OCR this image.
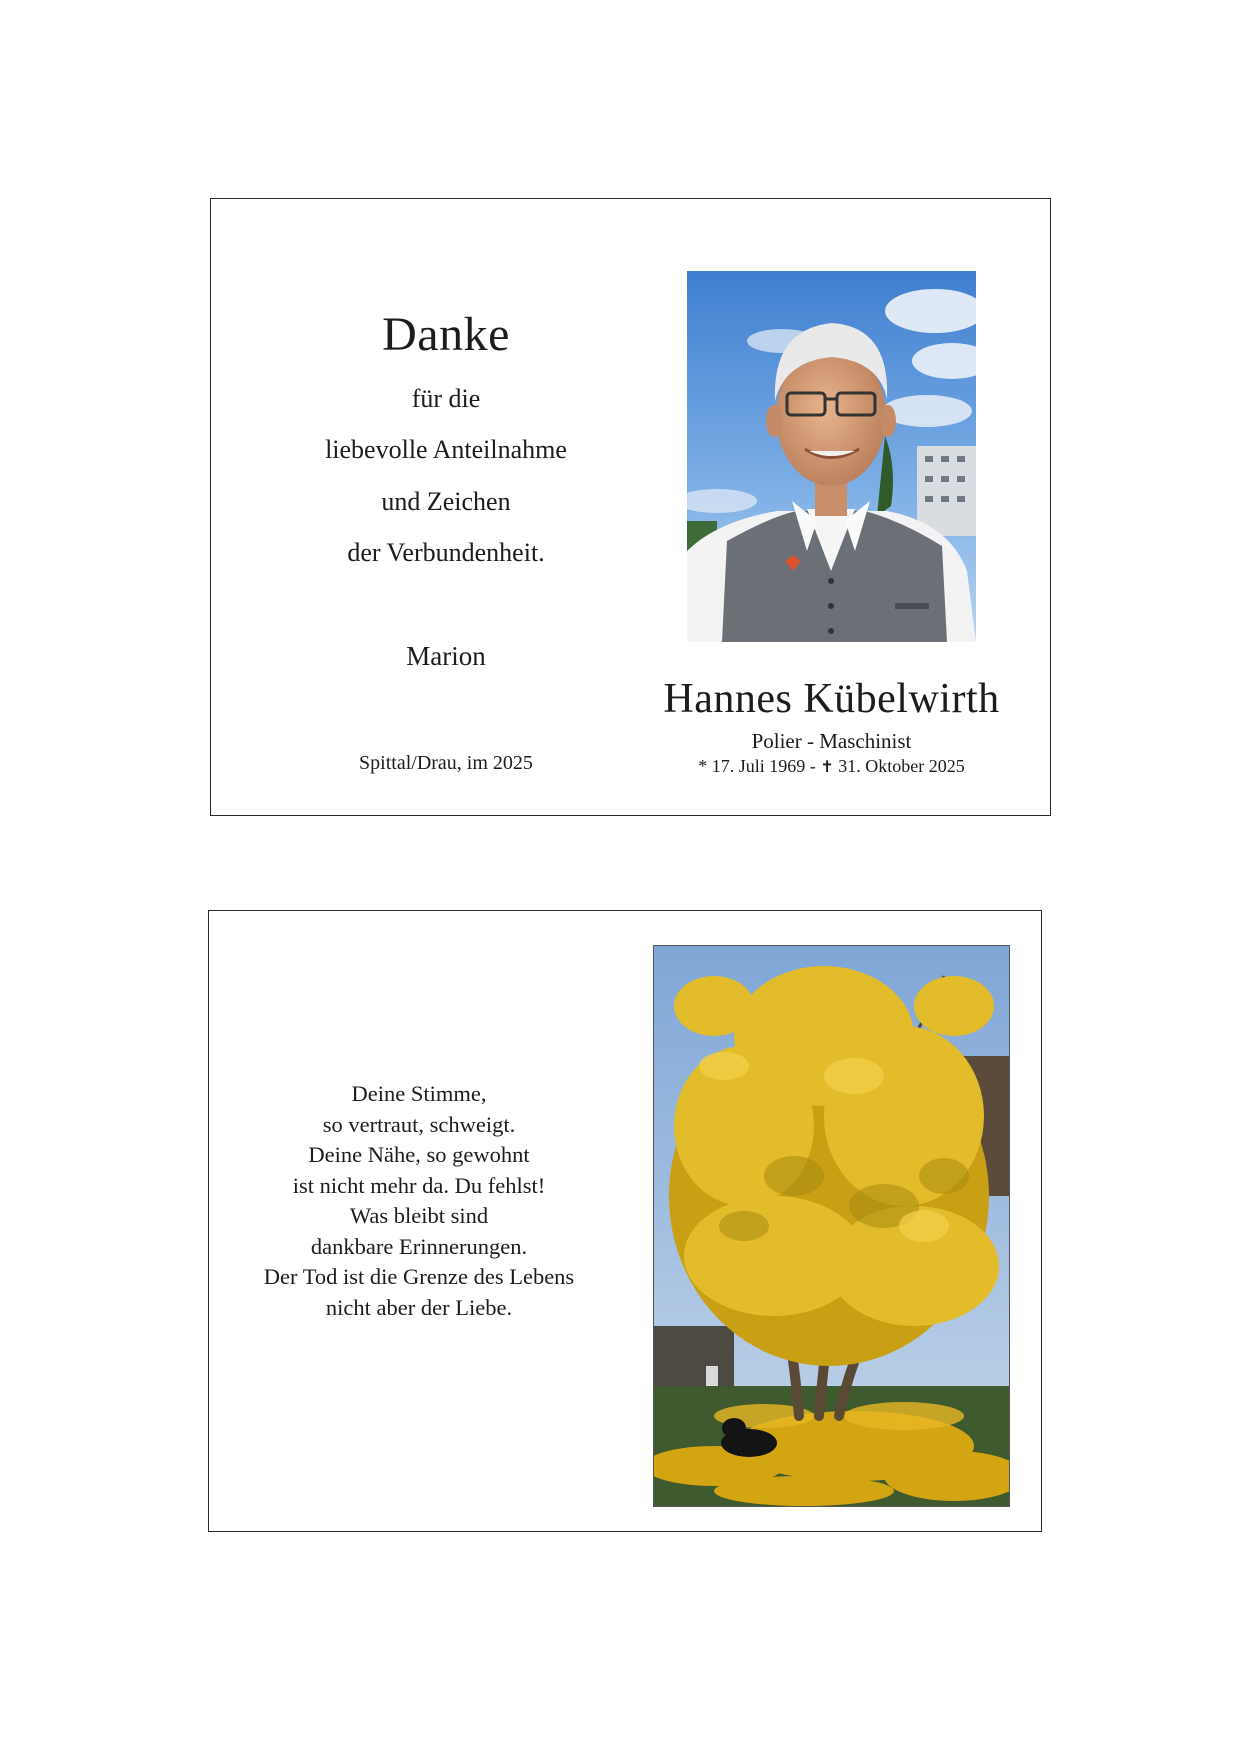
Danke
für die
liebevolle Anteilnahme
und Zeichen
der Verbundenheit.
Marion
Spittal/Drau, im 2025
Hannes Kübelwirth
Polier - Maschinist
* 17. Juli 1969 - ✝ 31. Oktober 2025
Deine Stimme,
so vertraut, schweigt.
Deine Nähe, so gewohnt
ist nicht mehr da. Du fehlst!
Was bleibt sind
dankbare Erinnerungen.
Der Tod ist die Grenze des Lebens
nicht aber der Liebe.
